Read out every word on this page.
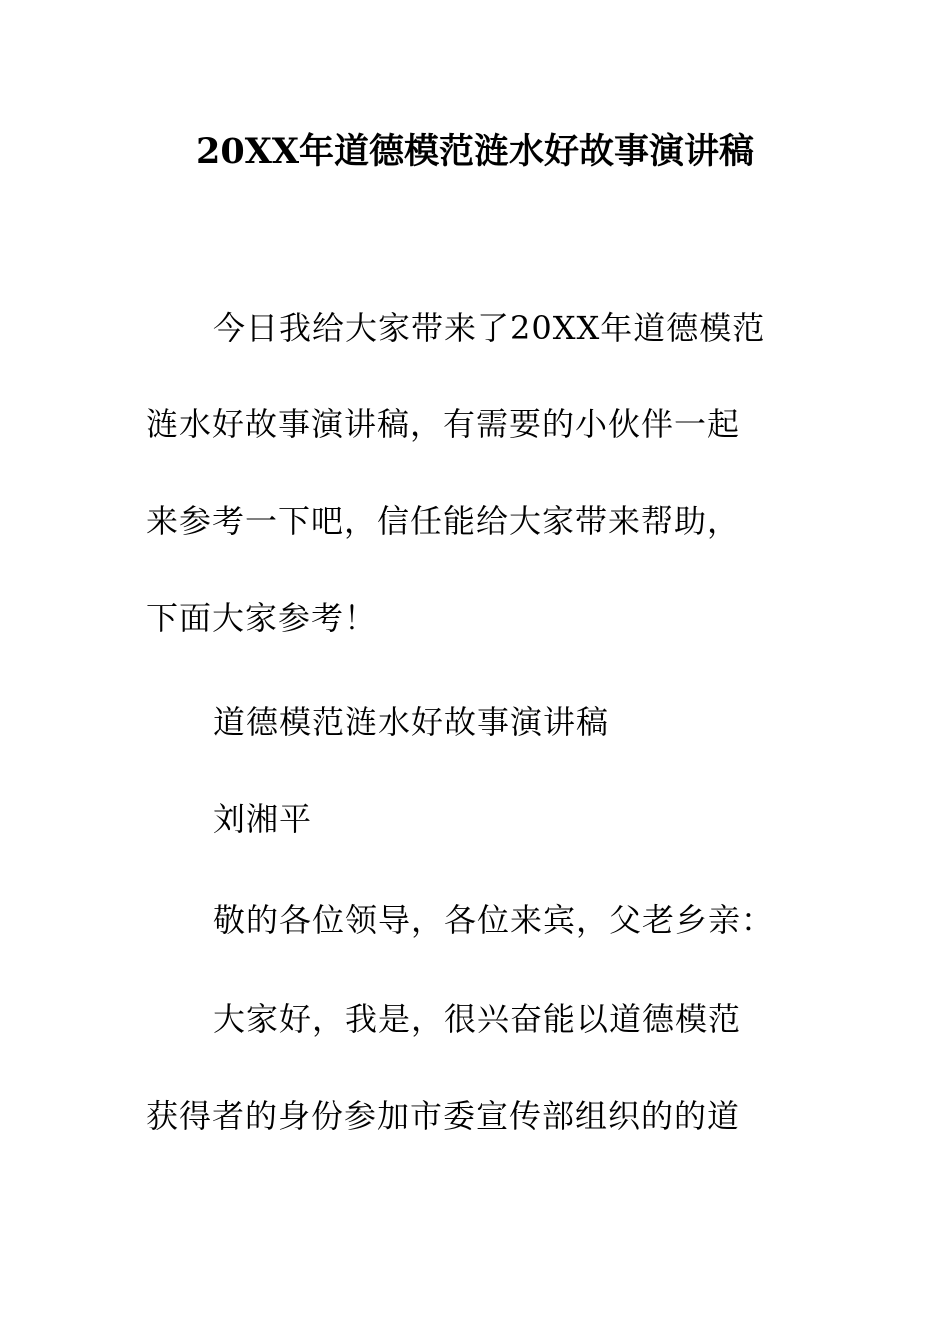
20XX年道德模范涟水好故事演讲稿
今日我给大家带来了20XX年道德模范
涟水好故事演讲稿，有需要的小伙伴一起
来参考一下吧，信任能给大家带来帮助，
下面大家参考！
道德模范涟水好故事演讲稿
刘湘平
敬的各位领导，各位来宾，父老乡亲：
大家好，我是，很兴奋能以道德模范
获得者的身份参加市委宣传部组织的的道
